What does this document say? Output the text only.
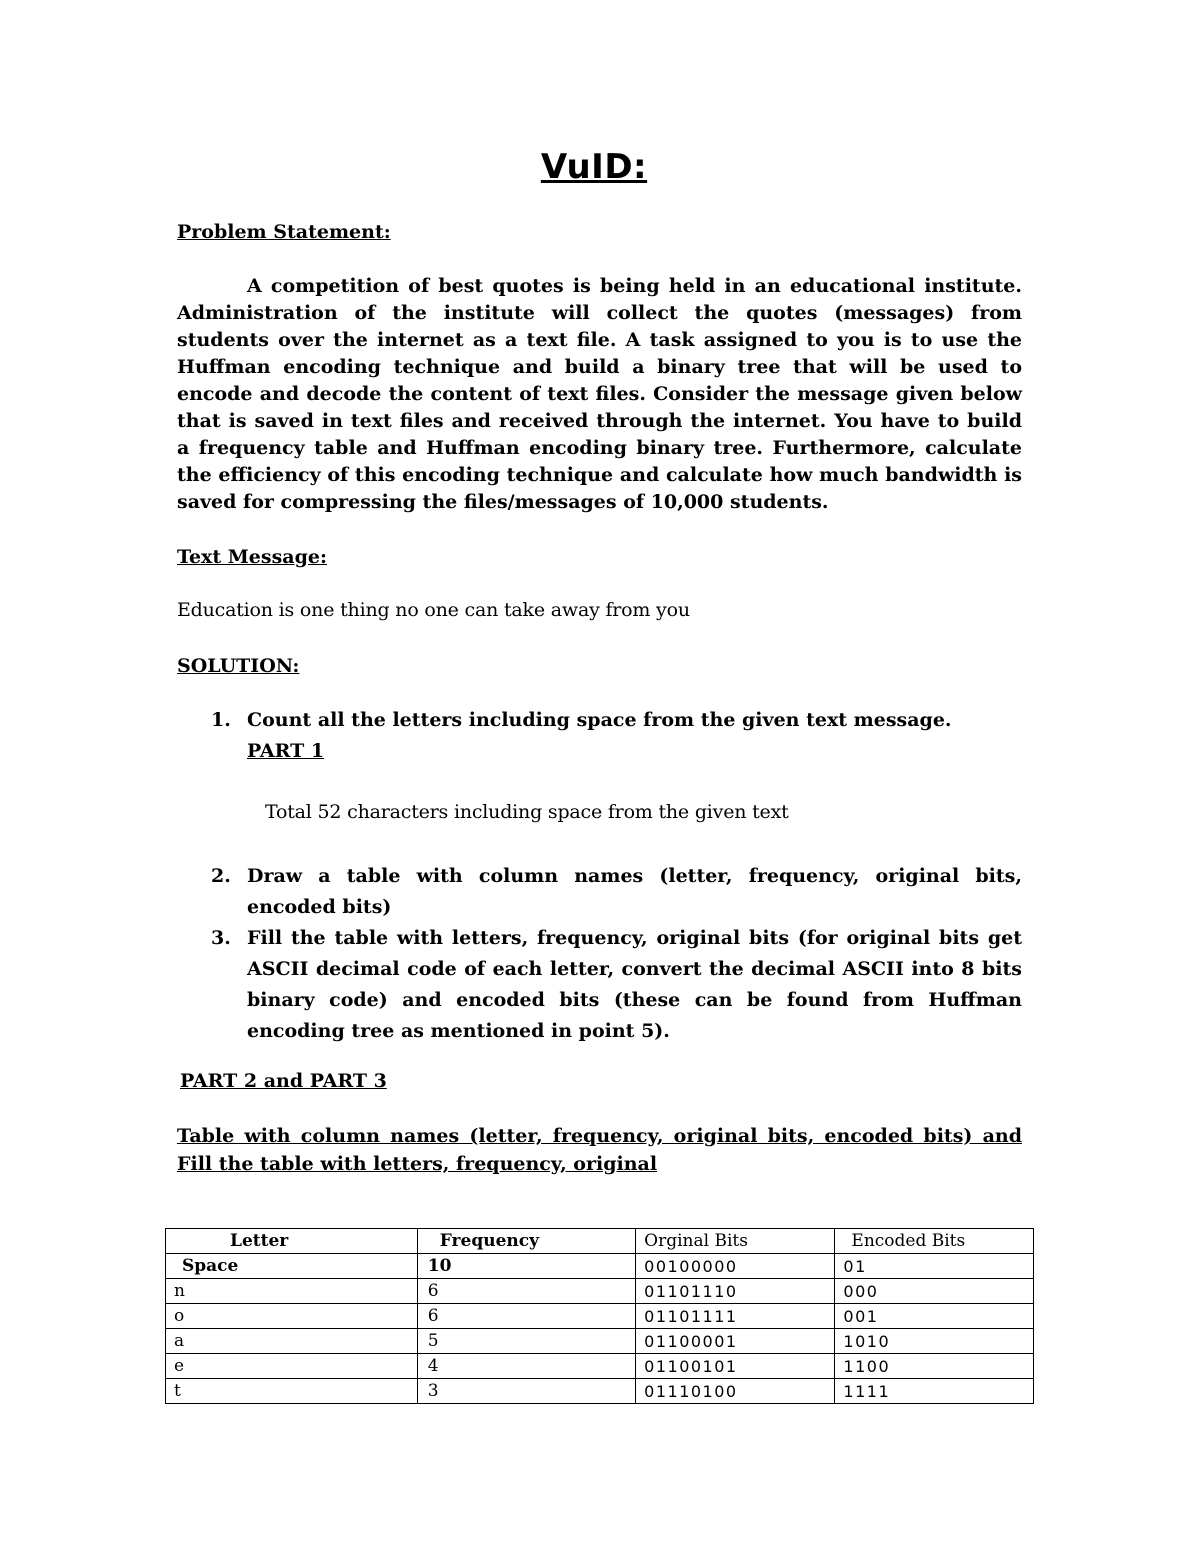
VuID:
Problem Statement:

A competition of best quotes is being held in an educational institute. Administration of the institute will collect the quotes (messages) from students over the internet as a text file. A task assigned to you is to use the Huffman encoding technique and build a binary tree that will be used to encode and decode the content of text files. Consider the message given below that is saved in text files and received through the internet. You have to build a frequency table and Huffman encoding binary tree. Furthermore, calculate the efficiency of this encoding technique and calculate how much bandwidth is saved for compressing the files/messages of 10,000 students.

Text Message:
Education is one thing no one can take away from you
SOLUTION:
1. Count all the letters including space from the given text message.
PART 1
Total 52 characters including space from the given text
2. Draw a table with column names (letter, frequency, original bits, encoded bits)
3. Fill the table with letters, frequency, original bits (for original bits get ASCII decimal code of each letter, convert the decimal ASCII into 8 bits binary code) and encoded bits (these can be found from Huffman encoding tree as mentioned in point 5).
PART 2 and PART 3

Table with column names (letter, frequency, original bits, encoded bits) and Fill the table with letters, frequency, original

Letter	Frequency	Orginal Bits	Encoded Bits
Space	10	00100000	01
n	6	01101110	000
o	6	01101111	001
a	5	01100001	1010
e	4	01100101	1100
t	3	01110100	1111
